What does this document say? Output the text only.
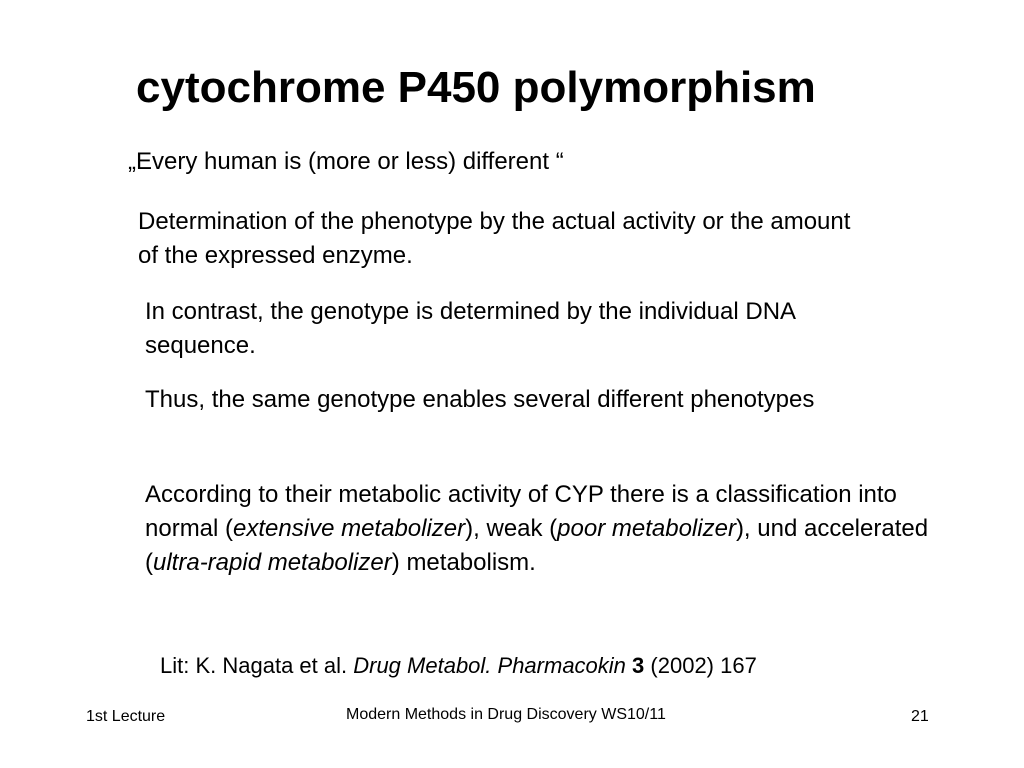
cytochrome P450 polymorphism

„Every human is (more or less) different “

Determination of the phenotype by the actual activity or the amount of the expressed enzyme.

In contrast, the genotype is determined by the individual DNA sequence.

Thus, the same genotype enables several different phenotypes

According to their metabolic activity of CYP there is a classification into normal (extensive metabolizer), weak (poor metabolizer), und accelerated (ultra-rapid metabolizer) metabolism.

Lit: K. Nagata et al. Drug Metabol. Pharmacokin 3 (2002) 167
1st Lecture	Modern Methods in Drug Discovery WS10/11	21
